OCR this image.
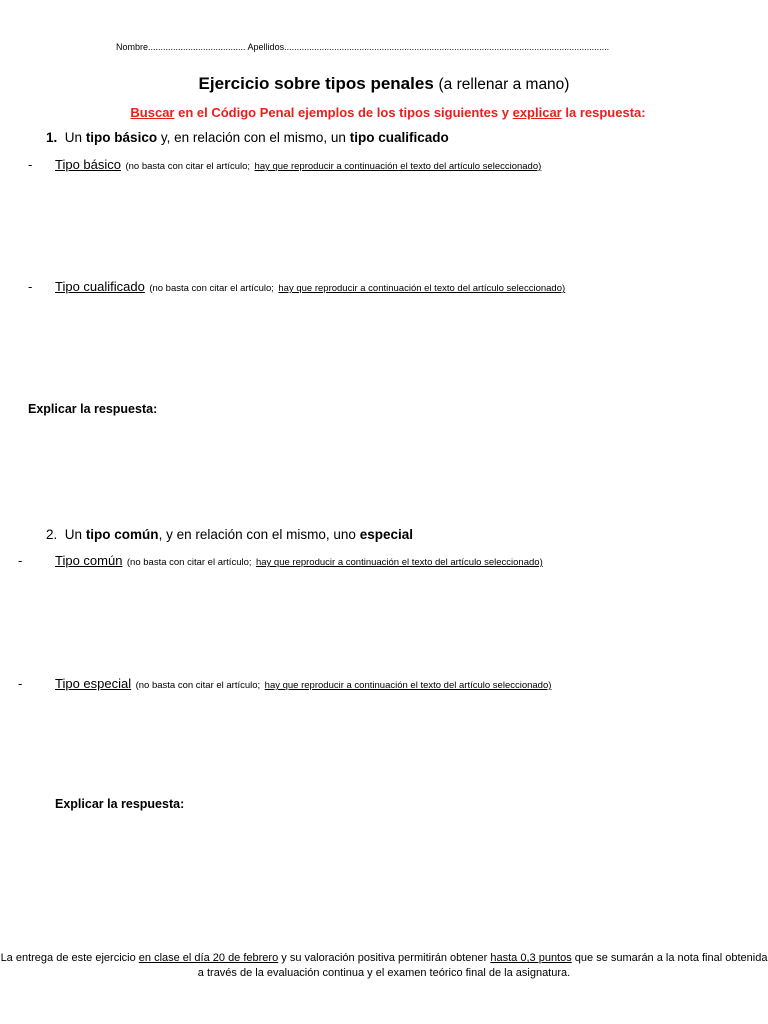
Nombre....................................... Apellidos..................................................................................................................................
Ejercicio sobre tipos penales (a rellenar a mano)
Buscar en el Código Penal ejemplos de los tipos siguientes y explicar la respuesta:
1. Un tipo básico y, en relación con el mismo, un tipo cualificado
- Tipo básico (no basta con citar el artículo; hay que reproducir a continuación el texto del artículo seleccionado)
- Tipo cualificado (no basta con citar el artículo; hay que reproducir a continuación el texto del artículo seleccionado)
Explicar la respuesta:
2. Un tipo común, y en relación con el mismo, uno especial
-	Tipo común (no basta con citar el artículo; hay que reproducir a continuación el texto del artículo seleccionado)
-	Tipo especial (no basta con citar el artículo; hay que reproducir a continuación el texto del artículo seleccionado)
Explicar la respuesta:
La entrega de este ejercicio en clase el día 20 de febrero y su valoración positiva permitirán obtener hasta 0,3 puntos que se sumarán a la nota final obtenida a través de la evaluación continua y el examen teórico final de la asignatura.
